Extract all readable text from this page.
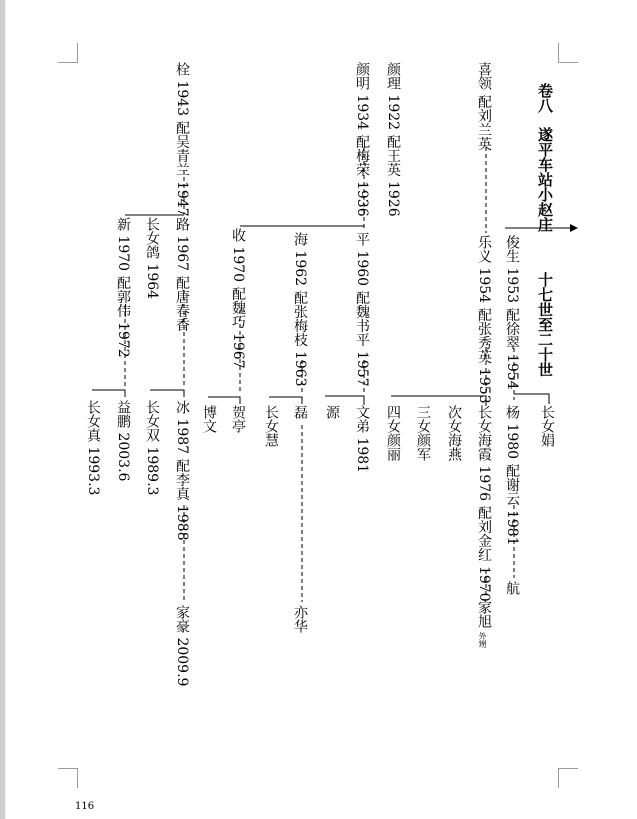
卷八
遂平车站小赵庄
十七世至二十世
喜领 配刘兰英
乐义 1954 配张秀英 1953 俊生 1953 配徐翠 1954
杨 1980 配谢云 1981
航
长女娟
长女海霞 1976 配刘金红 1970
家旭
外甥
次女海燕
三女颜军
四女颜丽
颜理 1922 配王英 1926
颜明 1934 配梅荣 1936
平 1960 配魏书平 1957
文弟 1981
源
海 1962 配张梅枝 1963
磊
亦华
长女慧
收 1970 配魏巧 1967
贺亭
博文
栓 1943 配吴青兰 1947
路 1967 配唐春香
长女鸽 1964
冰 1987 配李真 1988
家豪 2009.9
长女双 1989.3
新 1970 配郭伟 1972
益鹏 2003.6
长女真 1993.3
116
